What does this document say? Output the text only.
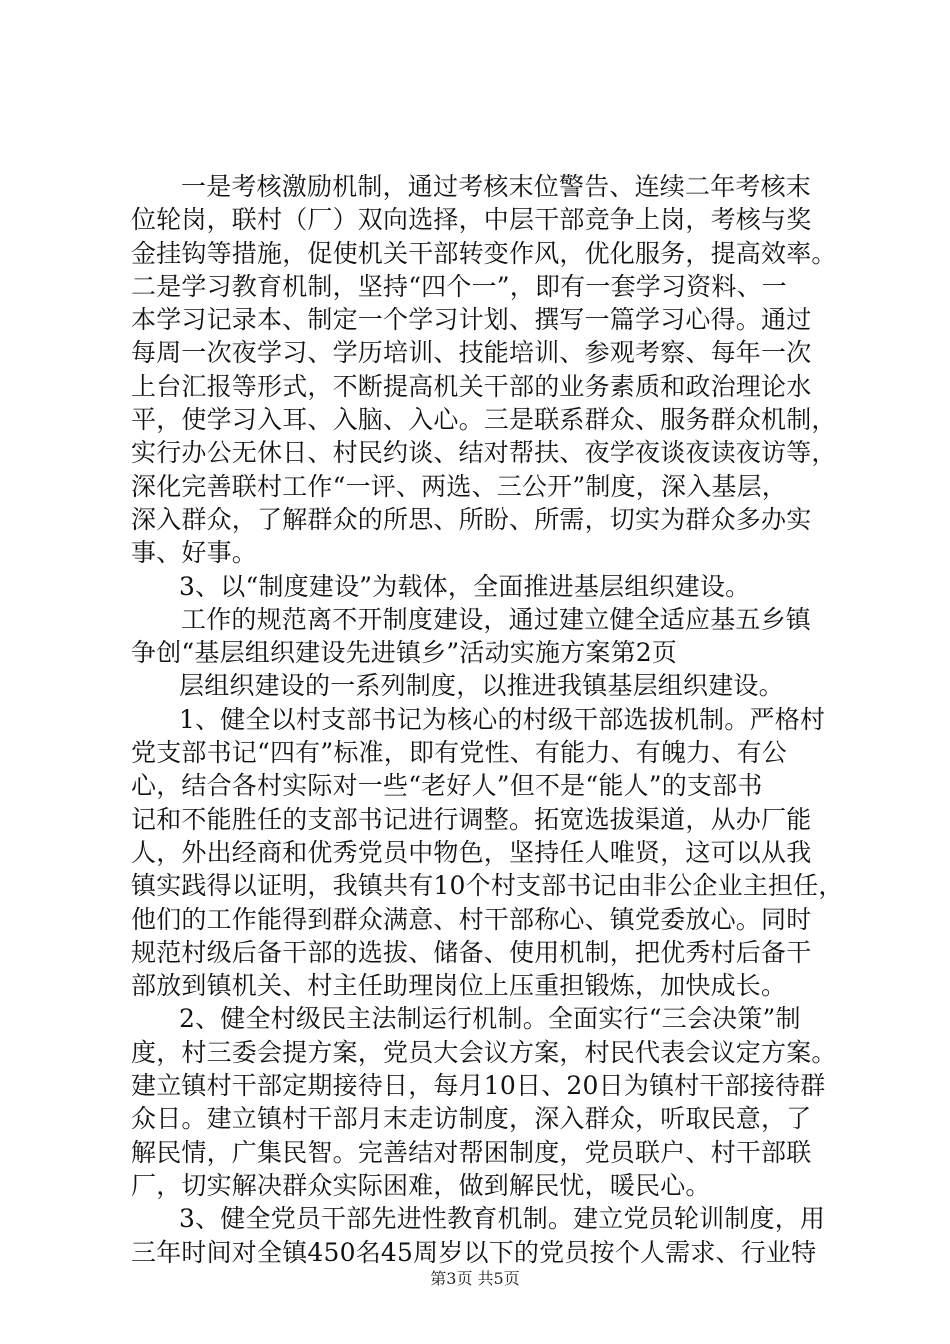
一是考核激励机制，通过考核末位警告、连续二年考核末
位轮岗，联村（厂）双向选择，中层干部竞争上岗，考核与奖
金挂钩等措施，促使机关干部转变作风，优化服务，提高效率。
二是学习教育机制，坚持“四个一”，即有一套学习资料、一
本学习记录本、制定一个学习计划、撰写一篇学习心得。通过
每周一次夜学习、学历培训、技能培训、参观考察、每年一次
上台汇报等形式，不断提高机关干部的业务素质和政治理论水
平，使学习入耳、入脑、入心。三是联系群众、服务群众机制，
实行办公无休日、村民约谈、结对帮扶、夜学夜谈夜读夜访等，
深化完善联村工作“一评、两选、三公开”制度，深入基层，
深入群众，了解群众的所思、所盼、所需，切实为群众多办实
事、好事。
3、以“制度建设”为载体，全面推进基层组织建设。
工作的规范离不开制度建设，通过建立健全适应基五乡镇
争创“基层组织建设先进镇乡”活动实施方案第2页
层组织建设的一系列制度，以推进我镇基层组织建设。
1、健全以村支部书记为核心的村级干部选拔机制。严格村
党支部书记“四有”标准，即有党性、有能力、有魄力、有公
心，结合各村实际对一些“老好人”但不是“能人”的支部书
记和不能胜任的支部书记进行调整。拓宽选拔渠道，从办厂能
人，外出经商和优秀党员中物色，坚持任人唯贤，这可以从我
镇实践得以证明，我镇共有10个村支部书记由非公企业主担任，
他们的工作能得到群众满意、村干部称心、镇党委放心。同时
规范村级后备干部的选拔、储备、使用机制，把优秀村后备干
部放到镇机关、村主任助理岗位上压重担锻炼，加快成长。
2、健全村级民主法制运行机制。全面实行“三会决策”制
度，村三委会提方案，党员大会议方案，村民代表会议定方案。
建立镇村干部定期接待日，每月10日、20日为镇村干部接待群
众日。建立镇村干部月末走访制度，深入群众，听取民意，了
解民情，广集民智。完善结对帮困制度，党员联户、村干部联
厂，切实解决群众实际困难，做到解民忧，暖民心。
3、健全党员干部先进性教育机制。建立党员轮训制度，用
三年时间对全镇450名45周岁以下的党员按个人需求、行业特
第3页 共5页
